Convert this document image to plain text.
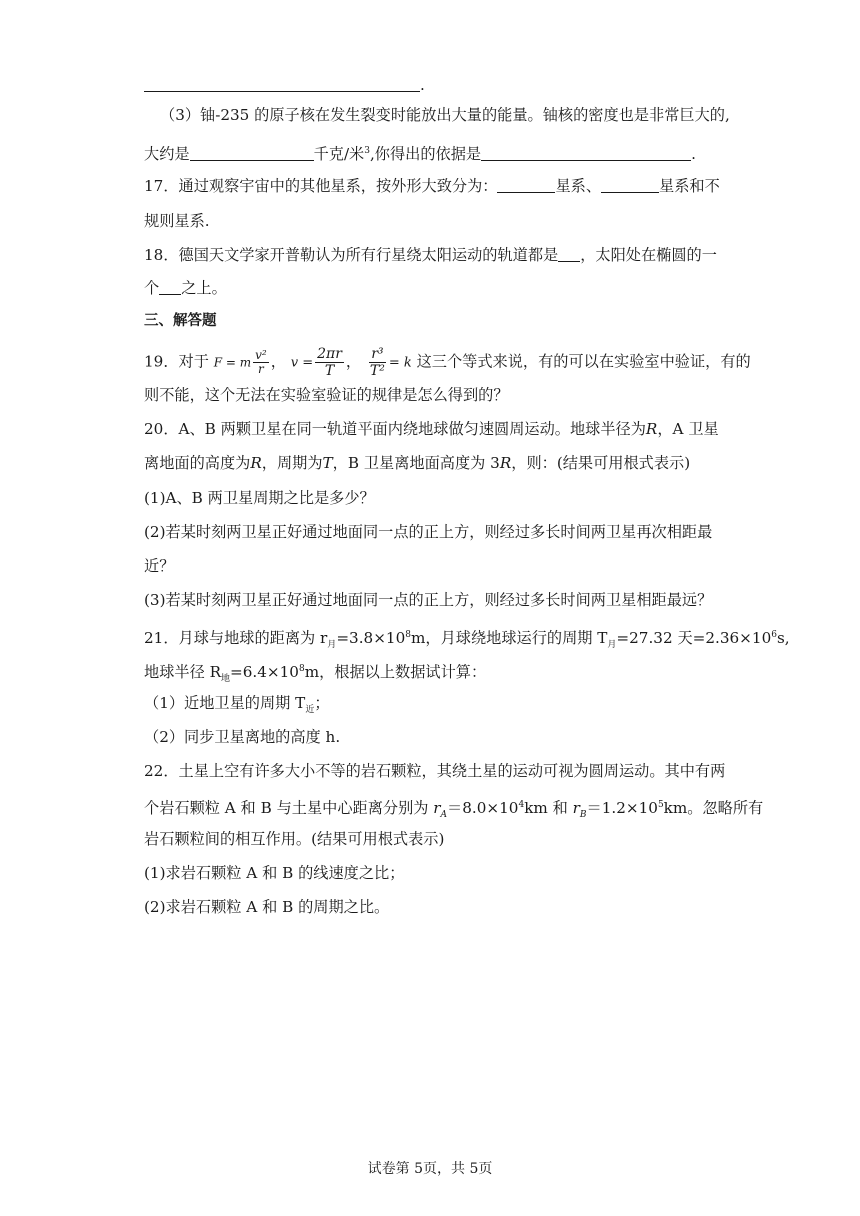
.
（3）铀-235 的原子核在发生裂变时能放出大量的能量。铀核的密度也是非常巨大的,
大约是	千克/米$^3$,你得出的依据是	.
17．通过观察宇宙中的其他星系，按外形大致分为：	星系、	星系和不
规则星系.
18．德国天文学家开普勒认为所有行星绕太阳运动的轨道都是 ，太阳处在椭圆的一
个 之上。
三、解答题
19．对于 F = m $\frac{\text{v²}}{r}$ ， $v = \frac{2\pi r}{T}$ ， $\frac{\text{r³}}{\text{T²}} = k$ 这三个等式来说，有的可以在实验室中验证，有的
则不能，这个无法在实验室验证的规律是怎么得到的？
20．A、B 两颗卫星在同一轨道平面内绕地球做匀速圆周运动。地球半径为R，A 卫星
离地面的高度为R，周期为T，B 卫星离地面高度为 3R，则：(结果可用根式表示)
(1)A、B 两卫星周期之比是多少？
(2)若某时刻两卫星正好通过地面同一点的正上方，则经过多长时间两卫星再次相距最
近？
(3)若某时刻两卫星正好通过地面同一点的正上方，则经过多长时间两卫星相距最远？
21．月球与地球的距离为 $r_月=3.8\times 10^8m$，月球绕地球运行的周期 $T_月=27.32$ 天$=2.36\times 10^6s$,
地球半径 $R_地=6.4\times 10^8m$，根据以上数据试计算：
（1）近地卫星的周期 $T_近$；
（2）同步卫星离地的高度 h.
22．土星上空有许多大小不等的岩石颗粒，其绕土星的运动可视为圆周运动。其中有两
个岩石颗粒 A 和 B 与土星中心距离分别为 $r_A=8.0\times 10^4km$ 和 $r_B=1.2\times 10^5km$。忽略所有
岩石颗粒间的相互作用。(结果可用根式表示)
(1)求岩石颗粒 A 和 B 的线速度之比；
(2)求岩石颗粒 A 和 B 的周期之比。
试卷第 5页，共 5页
